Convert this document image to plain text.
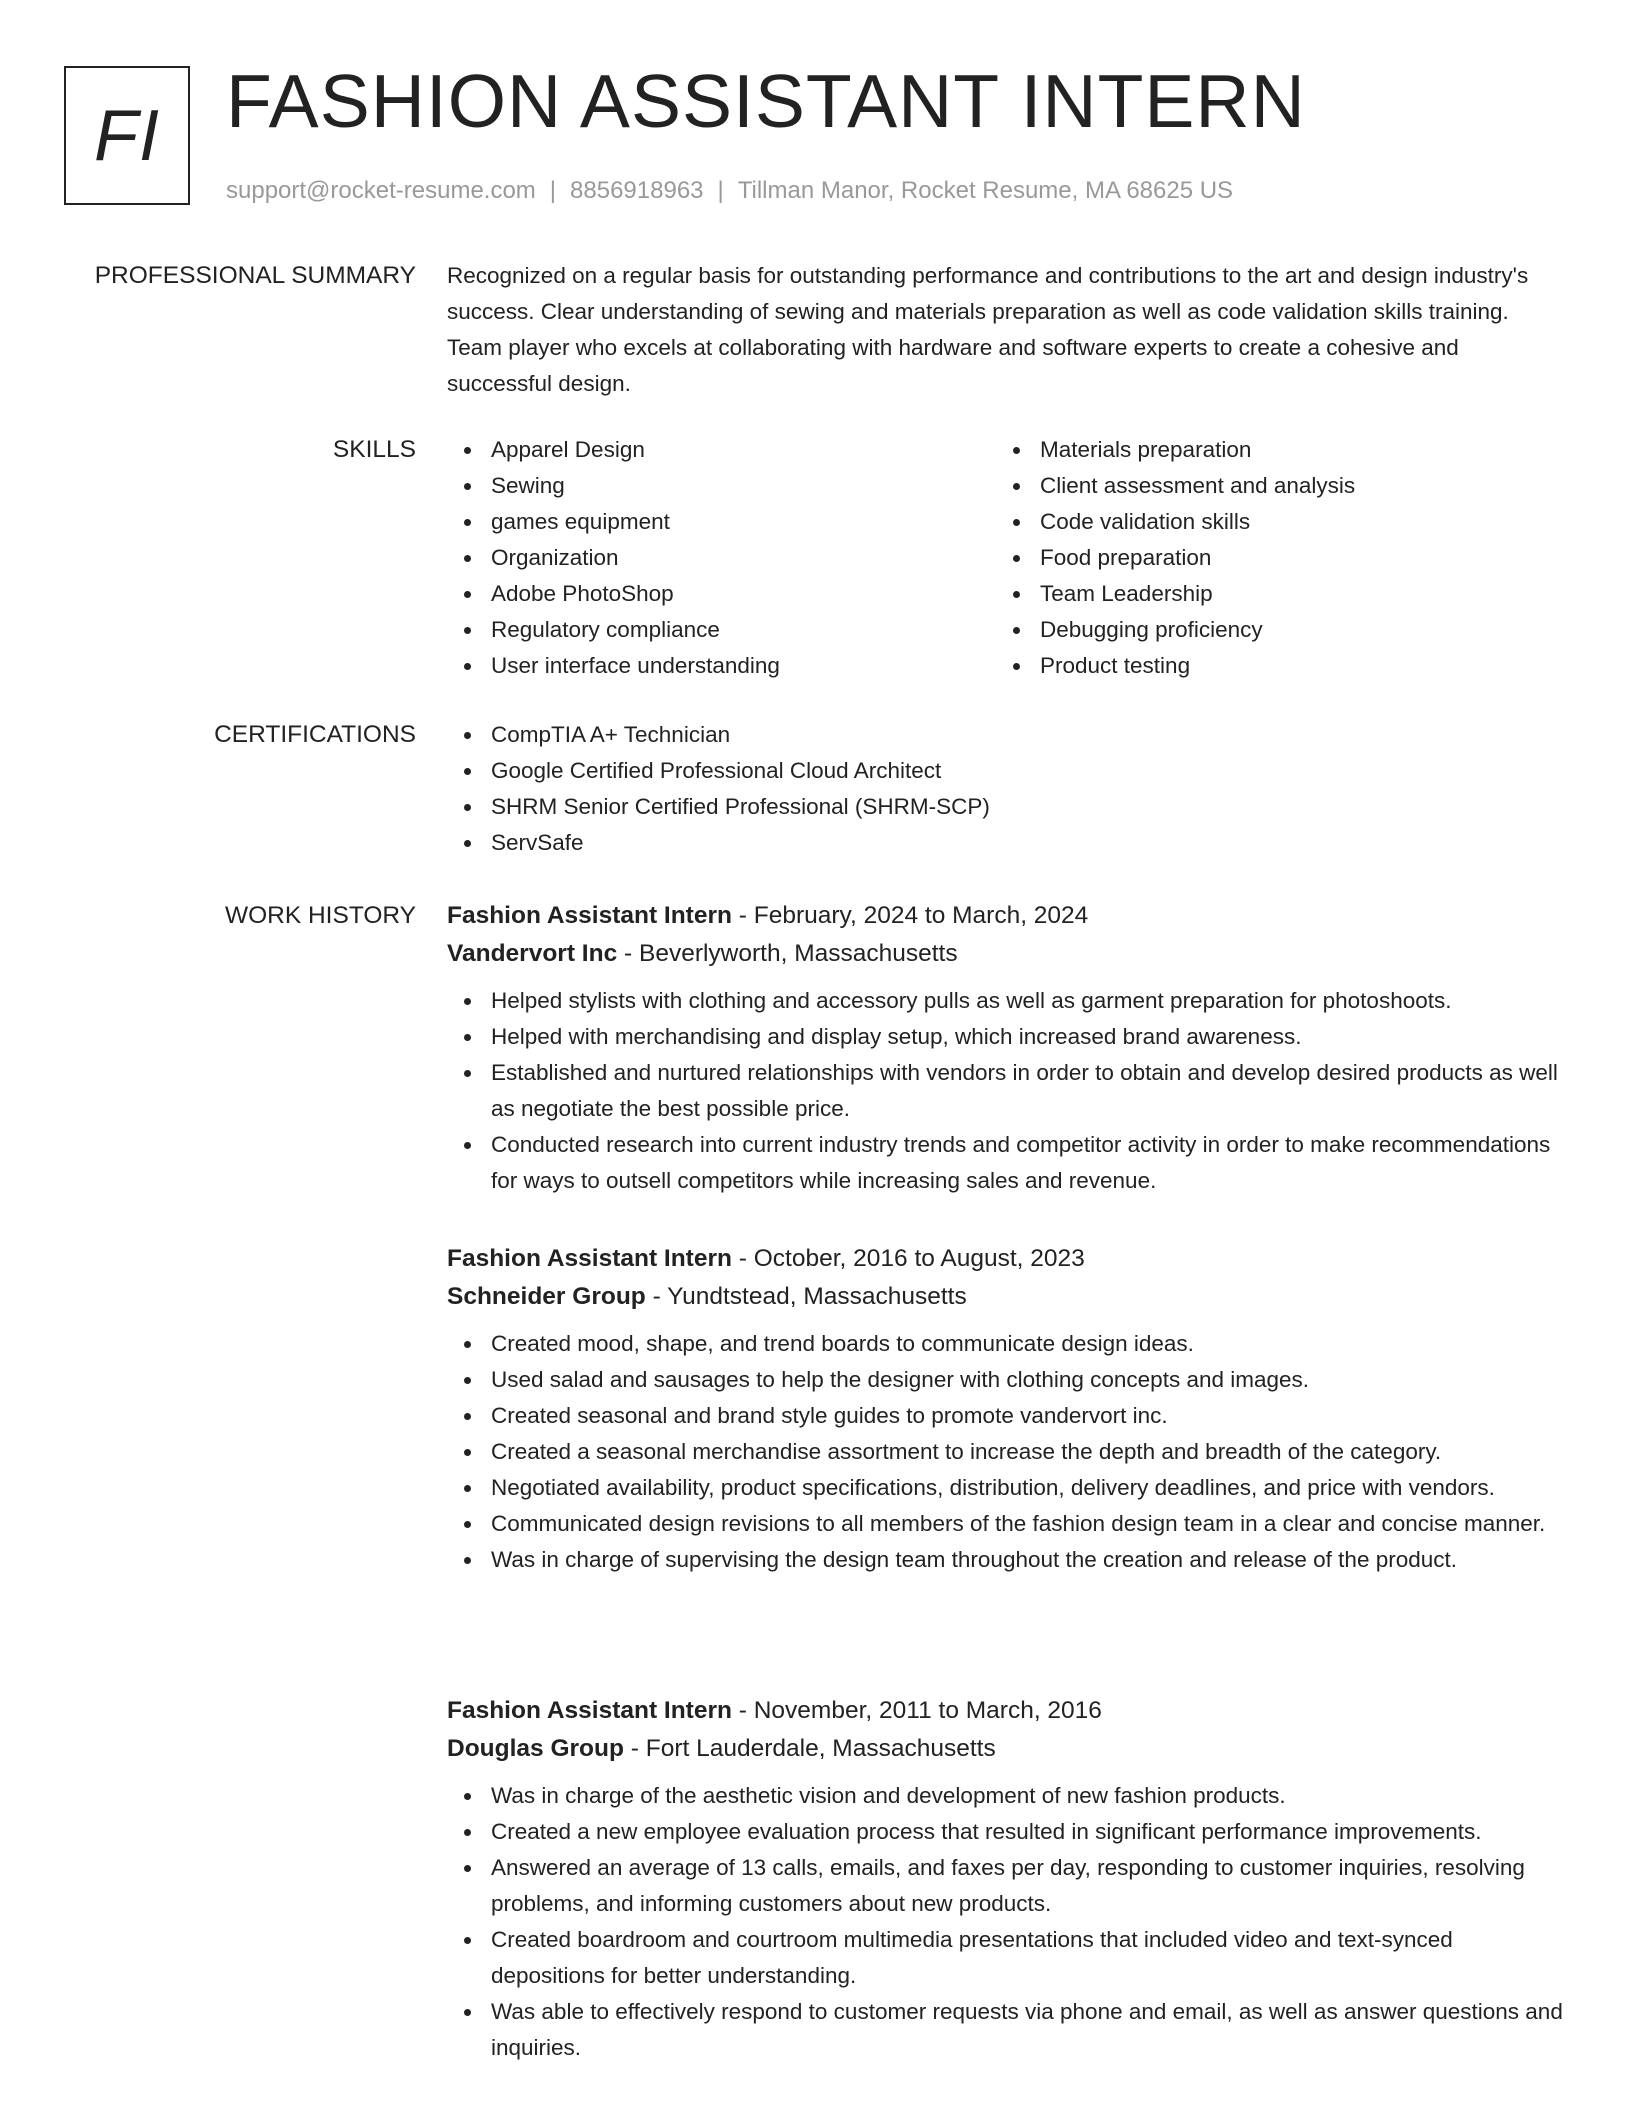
FI FASHION ASSISTANT INTERN
support@rocket-resume.com | 8856918963 | Tillman Manor, Rocket Resume, MA 68625 US
PROFESSIONAL SUMMARY Recognized on a regular basis for outstanding performance and contributions to the art and design industry's success. Clear understanding of sewing and materials preparation as well as code validation skills training. Team player who excels at collaborating with hardware and software experts to create a cohesive and successful design.

SKILLS	Apparel Design
Sewing
games equipment
Organization
Adobe PhotoShop
Regulatory compliance
User interface understanding
Materials preparation
Client assessment and analysis
Code validation skills
Food preparation
Team Leadership
Debugging proficiency
Product testing
CERTIFICATIONS	CompTIA A+ Technician
Google Certified Professional Cloud Architect
SHRM Senior Certified Professional (SHRM-SCP)
ServSafe
WORK HISTORY Fashion Assistant Intern - February, 2024 to March, 2024
Vandervort Inc - Beverlyworth, Massachusetts
Helped stylists with clothing and accessory pulls as well as garment preparation for photoshoots.
Helped with merchandising and display setup, which increased brand awareness.
Established and nurtured relationships with vendors in order to obtain and develop desired products as well as negotiate the best possible price.
Conducted research into current industry trends and competitor activity in order to make recommendations for ways to outsell competitors while increasing sales and revenue.
Fashion Assistant Intern - October, 2016 to August, 2023
Schneider Group - Yundtstead, Massachusetts
Created mood, shape, and trend boards to communicate design ideas.
Used salad and sausages to help the designer with clothing concepts and images.
Created seasonal and brand style guides to promote vandervort inc.
Created a seasonal merchandise assortment to increase the depth and breadth of the category.
Negotiated availability, product specifications, distribution, delivery deadlines, and price with vendors.
Communicated design revisions to all members of the fashion design team in a clear and concise manner.
Was in charge of supervising the design team throughout the creation and release of the product.
Fashion Assistant Intern - November, 2011 to March, 2016
Douglas Group - Fort Lauderdale, Massachusetts
Was in charge of the aesthetic vision and development of new fashion products.
Created a new employee evaluation process that resulted in significant performance improvements.
Answered an average of 13 calls, emails, and faxes per day, responding to customer inquiries, resolving problems, and informing customers about new products.
Created boardroom and courtroom multimedia presentations that included video and text-synced depositions for better understanding.
Was able to effectively respond to customer requests via phone and email, as well as answer questions and inquiries.
